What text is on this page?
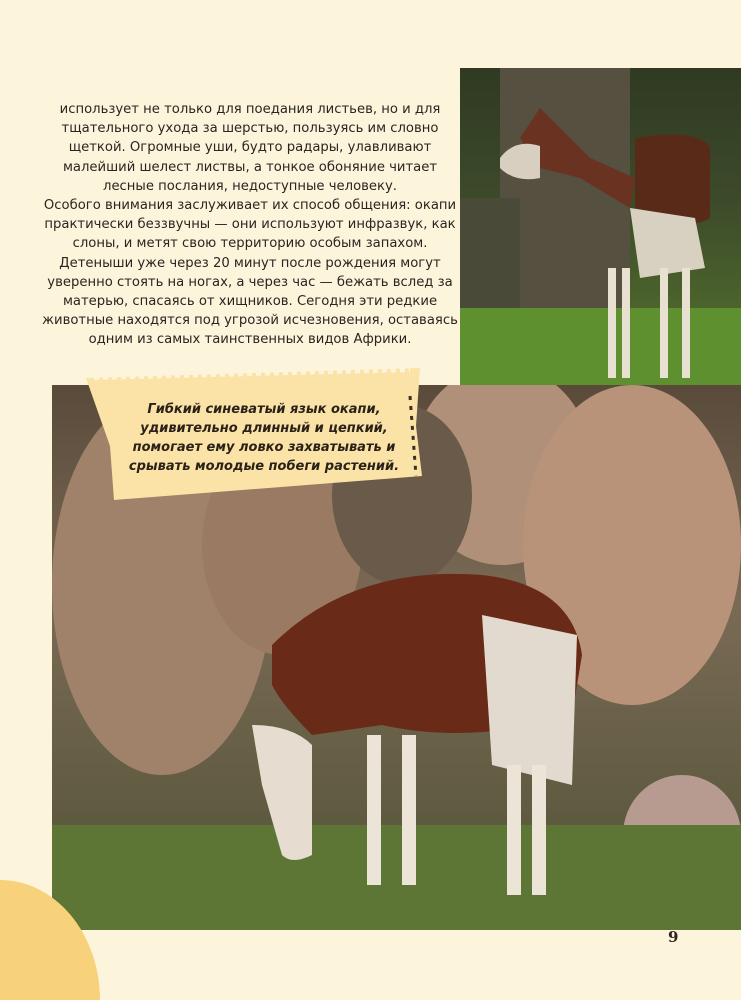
использует не только для поедания листьев, но и для тщательного ухода за шерстью, пользуясь им словно щеткой. Огромные уши, будто радары, улавливают малейший шелест листвы, а тонкое обоняние читает лесные послания, недоступные человеку.

Особого внимания заслуживает их способ общения: окапи практически беззвучны — они используют инфразвук, как слоны, и метят свою территорию особым запахом. Детеныши уже через 20 минут после рождения могут уверенно стоять на ногах, а через час — бежать вслед за матерью, спасаясь от хищников. Сегодня эти редкие животные находятся под угрозой исчезновения, оставаясь одним из самых таинственных видов Африки.

Гибкий синеватый язык окапи, удивительно длинный и цепкий, помогает ему ловко захватывать и срывать молодые побеги растений.
9
